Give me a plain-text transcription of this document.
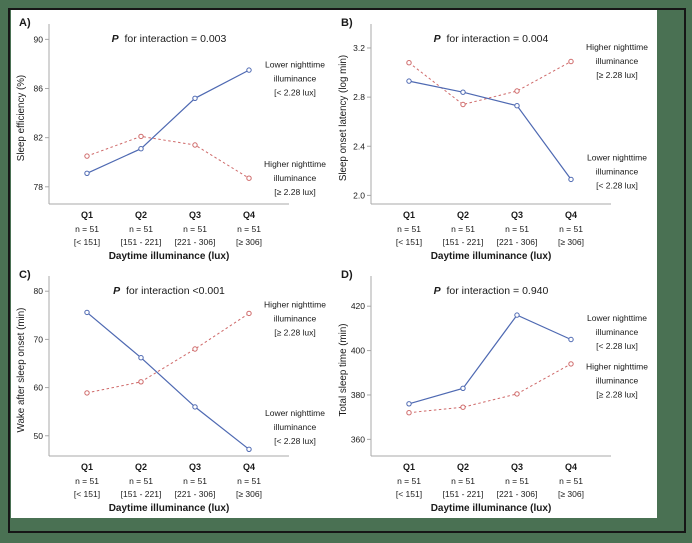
A)
P  for interaction = 0.003
78
82
86
90
Q1
n = 51
[< 151]
Q2
n = 51
[151 - 221]
Q3
n = 51
[221 - 306]
Q4
n = 51
[≥ 306]
Daytime illuminance (lux)
Sleep efficiency (%)
Higher nighttime
illuminance
[≥ 2.28 lux]
Lower nighttime
illuminance
[< 2.28 lux]
B)
P  for interaction = 0.004
2.0
2.4
2.8
3.2
Q1
n = 51
[< 151]
Q2
n = 51
[151 - 221]
Q3
n = 51
[221 - 306]
Q4
n = 51
[≥ 306]
Daytime illuminance (lux)
Sleep onset latency (log min)
Higher nighttime
illuminance
[≥ 2.28 lux]
Lower nighttime
illuminance
[< 2.28 lux]
C)
P  for interaction <0.001
50
60
70
80
Q1
n = 51
[< 151]
Q2
n = 51
[151 - 221]
Q3
n = 51
[221 - 306]
Q4
n = 51
[≥ 306]
Daytime illuminance (lux)
Wake after sleep onset (min)
Higher nighttime
illuminance
[≥ 2.28 lux]
Lower nighttime
illuminance
[< 2.28 lux]
D)
P  for interaction = 0.940
360
380
400
420
Q1
n = 51
[< 151]
Q2
n = 51
[151 - 221]
Q3
n = 51
[221 - 306]
Q4
n = 51
[≥ 306]
Daytime illuminance (lux)
Total sleep time (min)
Lower nighttime
illuminance
[< 2.28 lux]
Higher nighttime
illuminance
[≥ 2.28 lux]
